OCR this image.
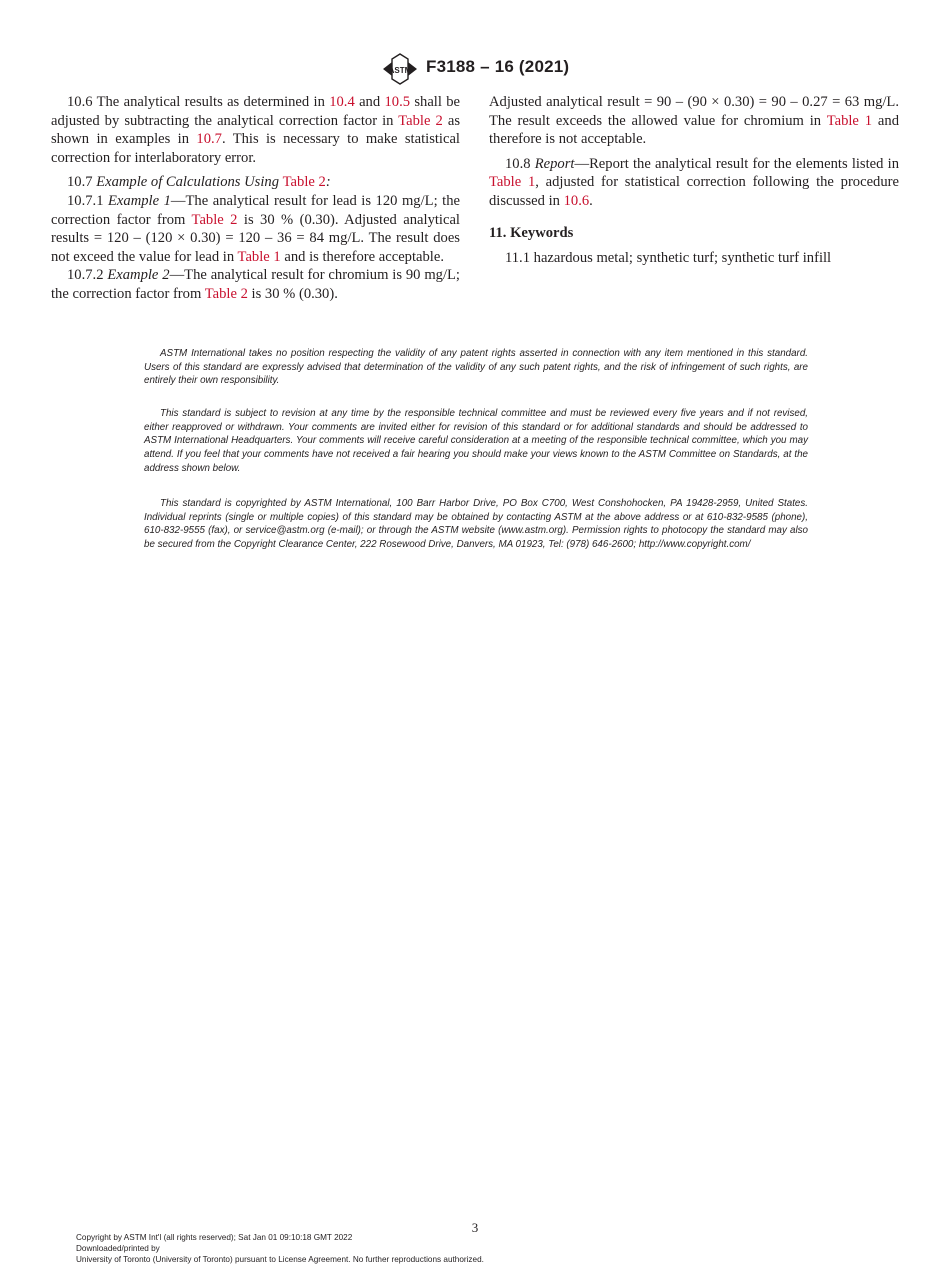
ASTM F3188 – 16 (2021)

10.6 The analytical results as determined in 10.4 and 10.5 shall be adjusted by subtracting the analytical correction factor in Table 2 as shown in examples in 10.7. This is necessary to make statistical correction for interlaboratory error.

10.7 Example of Calculations Using Table 2:

10.7.1 Example 1—The analytical result for lead is 120 mg/L; the correction factor from Table 2 is 30 % (0.30). Adjusted analytical results = 120 – (120 × 0.30) = 120 – 36 = 84 mg/L. The result does not exceed the value for lead in Table 1 and is therefore acceptable.

10.7.2 Example 2—The analytical result for chromium is 90 mg/L; the correction factor from Table 2 is 30 % (0.30).

Adjusted analytical result = 90 – (90 × 0.30) = 90 – 0.27 = 63 mg/L. The result exceeds the allowed value for chromium in Table 1 and therefore is not acceptable.

10.8 Report—Report the analytical result for the elements listed in Table 1, adjusted for statistical correction following the procedure discussed in 10.6.

11. Keywords

11.1 hazardous metal; synthetic turf; synthetic turf infill

ASTM International takes no position respecting the validity of any patent rights asserted in connection with any item mentioned in this standard. Users of this standard are expressly advised that determination of the validity of any such patent rights, and the risk of infringement of such rights, are entirely their own responsibility.

This standard is subject to revision at any time by the responsible technical committee and must be reviewed every five years and if not revised, either reapproved or withdrawn. Your comments are invited either for revision of this standard or for additional standards and should be addressed to ASTM International Headquarters. Your comments will receive careful consideration at a meeting of the responsible technical committee, which you may attend. If you feel that your comments have not received a fair hearing you should make your views known to the ASTM Committee on Standards, at the address shown below.

This standard is copyrighted by ASTM International, 100 Barr Harbor Drive, PO Box C700, West Conshohocken, PA 19428-2959, United States. Individual reprints (single or multiple copies) of this standard may be obtained by contacting ASTM at the above address or at 610-832-9585 (phone), 610-832-9555 (fax), or service@astm.org (e-mail); or through the ASTM website (www.astm.org). Permission rights to photocopy the standard may also be secured from the Copyright Clearance Center, 222 Rosewood Drive, Danvers, MA 01923, Tel: (978) 646-2600; http://www.copyright.com/

3
Copyright by ASTM Int'l (all rights reserved); Sat Jan 01 09:10:18 GMT 2022
Downloaded/printed by
University of Toronto (University of Toronto) pursuant to License Agreement. No further reproductions authorized.
